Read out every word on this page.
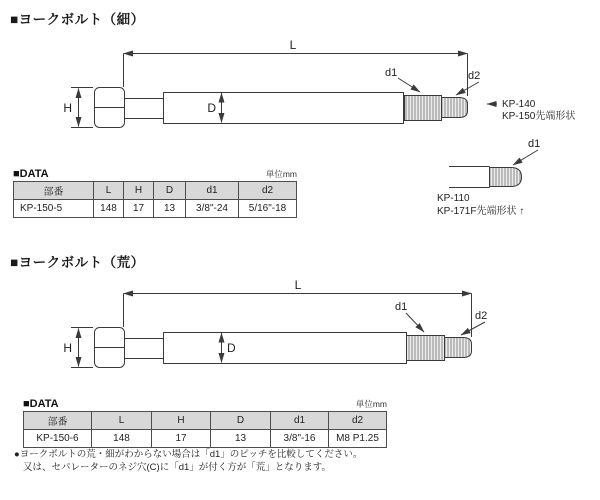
L
H	D
d1	d2
KP-140
KP-150先端形状
d1
KP-110
KP-171F先端形状 ↑
L
H	D
d1
d2
■ヨークボルト（細）
■ヨークボルト（荒）
■DATA	単位mm
部番	L	H	D	d1	d2
KP-150-5	148	17	13	3/8"-24	5/16"-18
■DATA	単位mm
部番	L	H	D	d1	d2
KP-150-6	148	17	13	3/8"-16	M8 P1.25
●ヨークボルトの荒・細がわからない場合は「d1」のピッチを比較してください。
又は、セパレーターのネジ穴(C)に「d1」が付く方が「荒」となります。
